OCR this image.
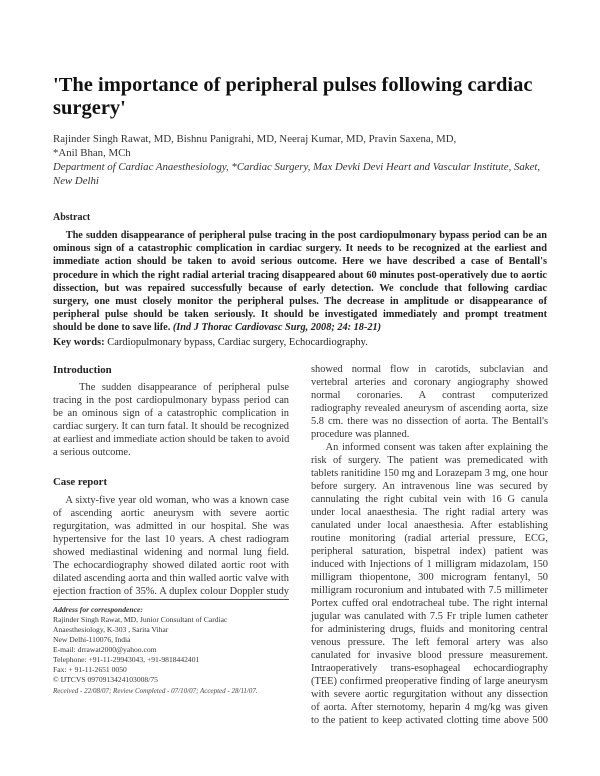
'The importance of peripheral pulses following cardiac
surgery'
Rajinder Singh Rawat, MD, Bishnu Panigrahi, MD, Neeraj Kumar, MD, Pravin Saxena, MD,
*Anil Bhan, MCh
Department of Cardiac Anaesthesiology, *Cardiac Surgery, Max Devki Devi Heart and Vascular Institute, Saket,
New Delhi
Abstract
The sudden disappearance of peripheral pulse tracing in the post cardiopulmonary bypass period can be an
ominous sign of a catastrophic complication in cardiac surgery. It needs to be recognized at the earliest and
immediate action should be taken to avoid serious outcome. Here we have described a case of Bentall's
procedure in which the right radial arterial tracing disappeared about 60 minutes post-operatively due to aortic
dissection, but was repaired successfully because of early detection. We conclude that following cardiac
surgery, one must closely monitor the peripheral pulses. The decrease in amplitude or disappearance of
peripheral pulse should be taken seriously. It should be investigated immediately and prompt treatment
should be done to save life. (Ind J Thorac Cardiovasc Surg, 2008; 24: 18-21)
Key words: Cardiopulmonary bypass, Cardiac surgery, Echocardiography.
Introduction
The sudden disappearance of peripheral pulse
tracing in the post cardiopulmonary bypass period can
be an ominous sign of a catastrophic complication in
cardiac surgery. It can turn fatal. It should be recognized
at earliest and immediate action should be taken to avoid
a serious outcome.
Case report
A sixty-five year old woman, who was a known case
of ascending aortic aneurysm with severe aortic
regurgitation, was admitted in our hospital. She was
hypertensive for the last 10 years. A chest radiogram
showed mediastinal widening and normal lung field.
The echocardiography showed dilated aortic root with
dilated ascending aorta and thin walled aortic valve with
ejection fraction of 35%. A duplex colour Doppler study
showed normal flow in carotids, subclavian and
vertebral arteries and coronary angiography showed
normal coronaries. A contrast computerized
radiography revealed aneurysm of ascending aorta, size
5.8 cm. there was no dissection of aorta. The Bentall's
procedure was planned.
An informed consent was taken after explaining the
risk of surgery. The patient was premedicated with
tablets ranitidine 150 mg and Lorazepam 3 mg, one hour
before surgery. An intravenous line was secured by
cannulating the right cubital vein with 16 G canula
under local anaesthesia. The right radial artery was
canulated under local anaesthesia. After establishing
routine monitoring (radial arterial pressure, ECG,
peripheral saturation, bispetral index) patient was
induced with Injections of 1 milligram midazolam, 150
milligram thiopentone, 300 microgram fentanyl, 50
milligram rocuronium and intubated with 7.5 millimeter
Portex cuffed oral endotracheal tube. The right internal
jugular was canulated with 7.5 Fr triple lumen catheter
for administering drugs, fluids and monitoring central
venous pressure. The left femoral artery was also
canulated for invasive blood pressure measurement.
Intraoperatively trans-esophageal echocardiography
(TEE) confirmed preoperative finding of large aneurysm
with severe aortic regurgitation without any dissection
of aorta. After sternotomy, heparin 4 mg/kg was given
to the patient to keep activated clotting time above 500
Address for correspondence:
Rajinder Singh Rawat, MD, Junior Consultant of Cardiac
Anaesthesiology, K-303 , Sarita Vihar
New Delhi-110076, India
E-mail: drrawat2000@yahoo.com
Telephone: +91-11-29943043, +91-9818442401
Fax: + 91-11-2651 0050
© IJTCVS 0970913424103008/75
Received - 22/08/07; Review Completed - 07/10/07; Accepted - 28/11/07.
